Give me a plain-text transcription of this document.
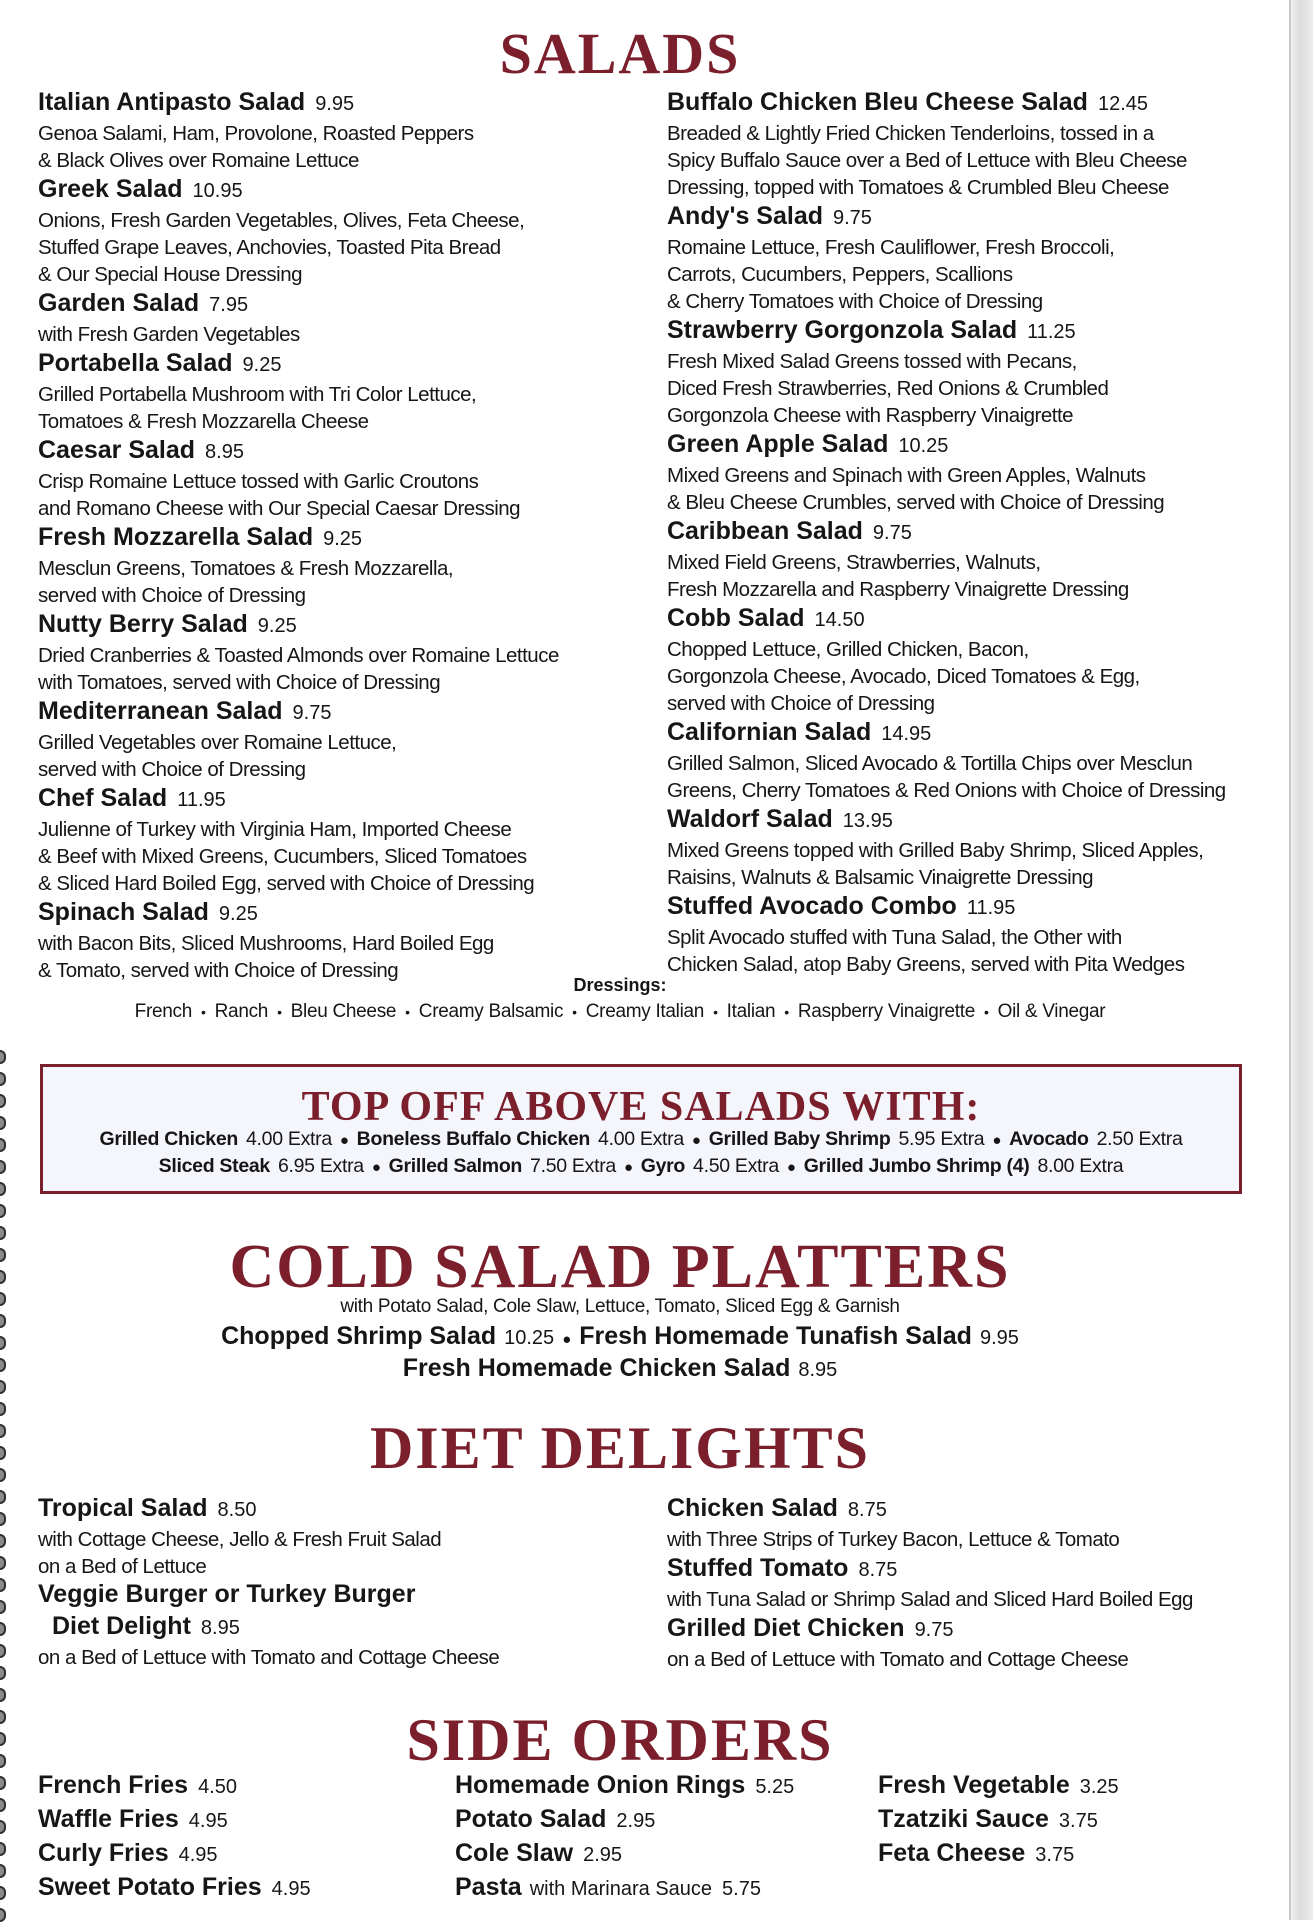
SALADS
Italian Antipasto Salad 9.95
Genoa Salami, Ham, Provolone, Roasted Peppers
& Black Olives over Romaine Lettuce
Greek Salad 10.95
Onions, Fresh Garden Vegetables, Olives, Feta Cheese,
Stuffed Grape Leaves, Anchovies, Toasted Pita Bread
& Our Special House Dressing
Garden Salad 7.95
with Fresh Garden Vegetables
Portabella Salad 9.25
Grilled Portabella Mushroom with Tri Color Lettuce,
Tomatoes & Fresh Mozzarella Cheese
Caesar Salad 8.95
Crisp Romaine Lettuce tossed with Garlic Croutons
and Romano Cheese with Our Special Caesar Dressing
Fresh Mozzarella Salad 9.25
Mesclun Greens, Tomatoes & Fresh Mozzarella,
served with Choice of Dressing
Nutty Berry Salad 9.25
Dried Cranberries & Toasted Almonds over Romaine Lettuce
with Tomatoes, served with Choice of Dressing
Mediterranean Salad 9.75
Grilled Vegetables over Romaine Lettuce,
served with Choice of Dressing
Chef Salad 11.95
Julienne of Turkey with Virginia Ham, Imported Cheese
& Beef with Mixed Greens, Cucumbers, Sliced Tomatoes
& Sliced Hard Boiled Egg, served with Choice of Dressing
Spinach Salad 9.25
with Bacon Bits, Sliced Mushrooms, Hard Boiled Egg
& Tomato, served with Choice of Dressing
Buffalo Chicken Bleu Cheese Salad 12.45
Breaded & Lightly Fried Chicken Tenderloins, tossed in a
Spicy Buffalo Sauce over a Bed of Lettuce with Bleu Cheese
Dressing, topped with Tomatoes & Crumbled Bleu Cheese
Andy's Salad 9.75
Romaine Lettuce, Fresh Cauliflower, Fresh Broccoli,
Carrots, Cucumbers, Peppers, Scallions
& Cherry Tomatoes with Choice of Dressing
Strawberry Gorgonzola Salad 11.25
Fresh Mixed Salad Greens tossed with Pecans,
Diced Fresh Strawberries, Red Onions & Crumbled
Gorgonzola Cheese with Raspberry Vinaigrette
Green Apple Salad 10.25
Mixed Greens and Spinach with Green Apples, Walnuts
& Bleu Cheese Crumbles, served with Choice of Dressing
Caribbean Salad 9.75
Mixed Field Greens, Strawberries, Walnuts,
Fresh Mozzarella and Raspberry Vinaigrette Dressing
Cobb Salad 14.50
Chopped Lettuce, Grilled Chicken, Bacon,
Gorgonzola Cheese, Avocado, Diced Tomatoes & Egg,
served with Choice of Dressing
Californian Salad 14.95
Grilled Salmon, Sliced Avocado & Tortilla Chips over Mesclun
Greens, Cherry Tomatoes & Red Onions with Choice of Dressing
Waldorf Salad 13.95
Mixed Greens topped with Grilled Baby Shrimp, Sliced Apples,
Raisins, Walnuts & Balsamic Vinaigrette Dressing
Stuffed Avocado Combo 11.95
Split Avocado stuffed with Tuna Salad, the Other with
Chicken Salad, atop Baby Greens, served with Pita Wedges
Dressings:
French • Ranch • Bleu Cheese • Creamy Balsamic • Creamy Italian • Italian • Raspberry Vinaigrette • Oil & Vinegar
TOP OFF ABOVE SALADS WITH:
Grilled Chicken 4.00 Extra ● Boneless Buffalo Chicken 4.00 Extra ● Grilled Baby Shrimp 5.95 Extra ● Avocado 2.50 Extra
Sliced Steak 6.95 Extra ● Grilled Salmon 7.50 Extra ● Gyro 4.50 Extra ● Grilled Jumbo Shrimp (4) 8.00 Extra
COLD SALAD PLATTERS
with Potato Salad, Cole Slaw, Lettuce, Tomato, Sliced Egg & Garnish
Chopped Shrimp Salad 10.25 ● Fresh Homemade Tunafish Salad 9.95
Fresh Homemade Chicken Salad 8.95
DIET DELIGHTS
Tropical Salad 8.50
with Cottage Cheese, Jello & Fresh Fruit Salad
on a Bed of Lettuce
Veggie Burger or Turkey Burger
Diet Delight 8.95
on a Bed of Lettuce with Tomato and Cottage Cheese
Chicken Salad 8.75
with Three Strips of Turkey Bacon, Lettuce & Tomato
Stuffed Tomato 8.75
with Tuna Salad or Shrimp Salad and Sliced Hard Boiled Egg
Grilled Diet Chicken 9.75
on a Bed of Lettuce with Tomato and Cottage Cheese
SIDE ORDERS
French Fries 4.50
Waffle Fries 4.95
Curly Fries 4.95
Sweet Potato Fries 4.95
Homemade Onion Rings 5.25
Potato Salad 2.95
Cole Slaw 2.95
Pasta with Marinara Sauce 5.75
Fresh Vegetable 3.25
Tzatziki Sauce 3.75
Feta Cheese 3.75
